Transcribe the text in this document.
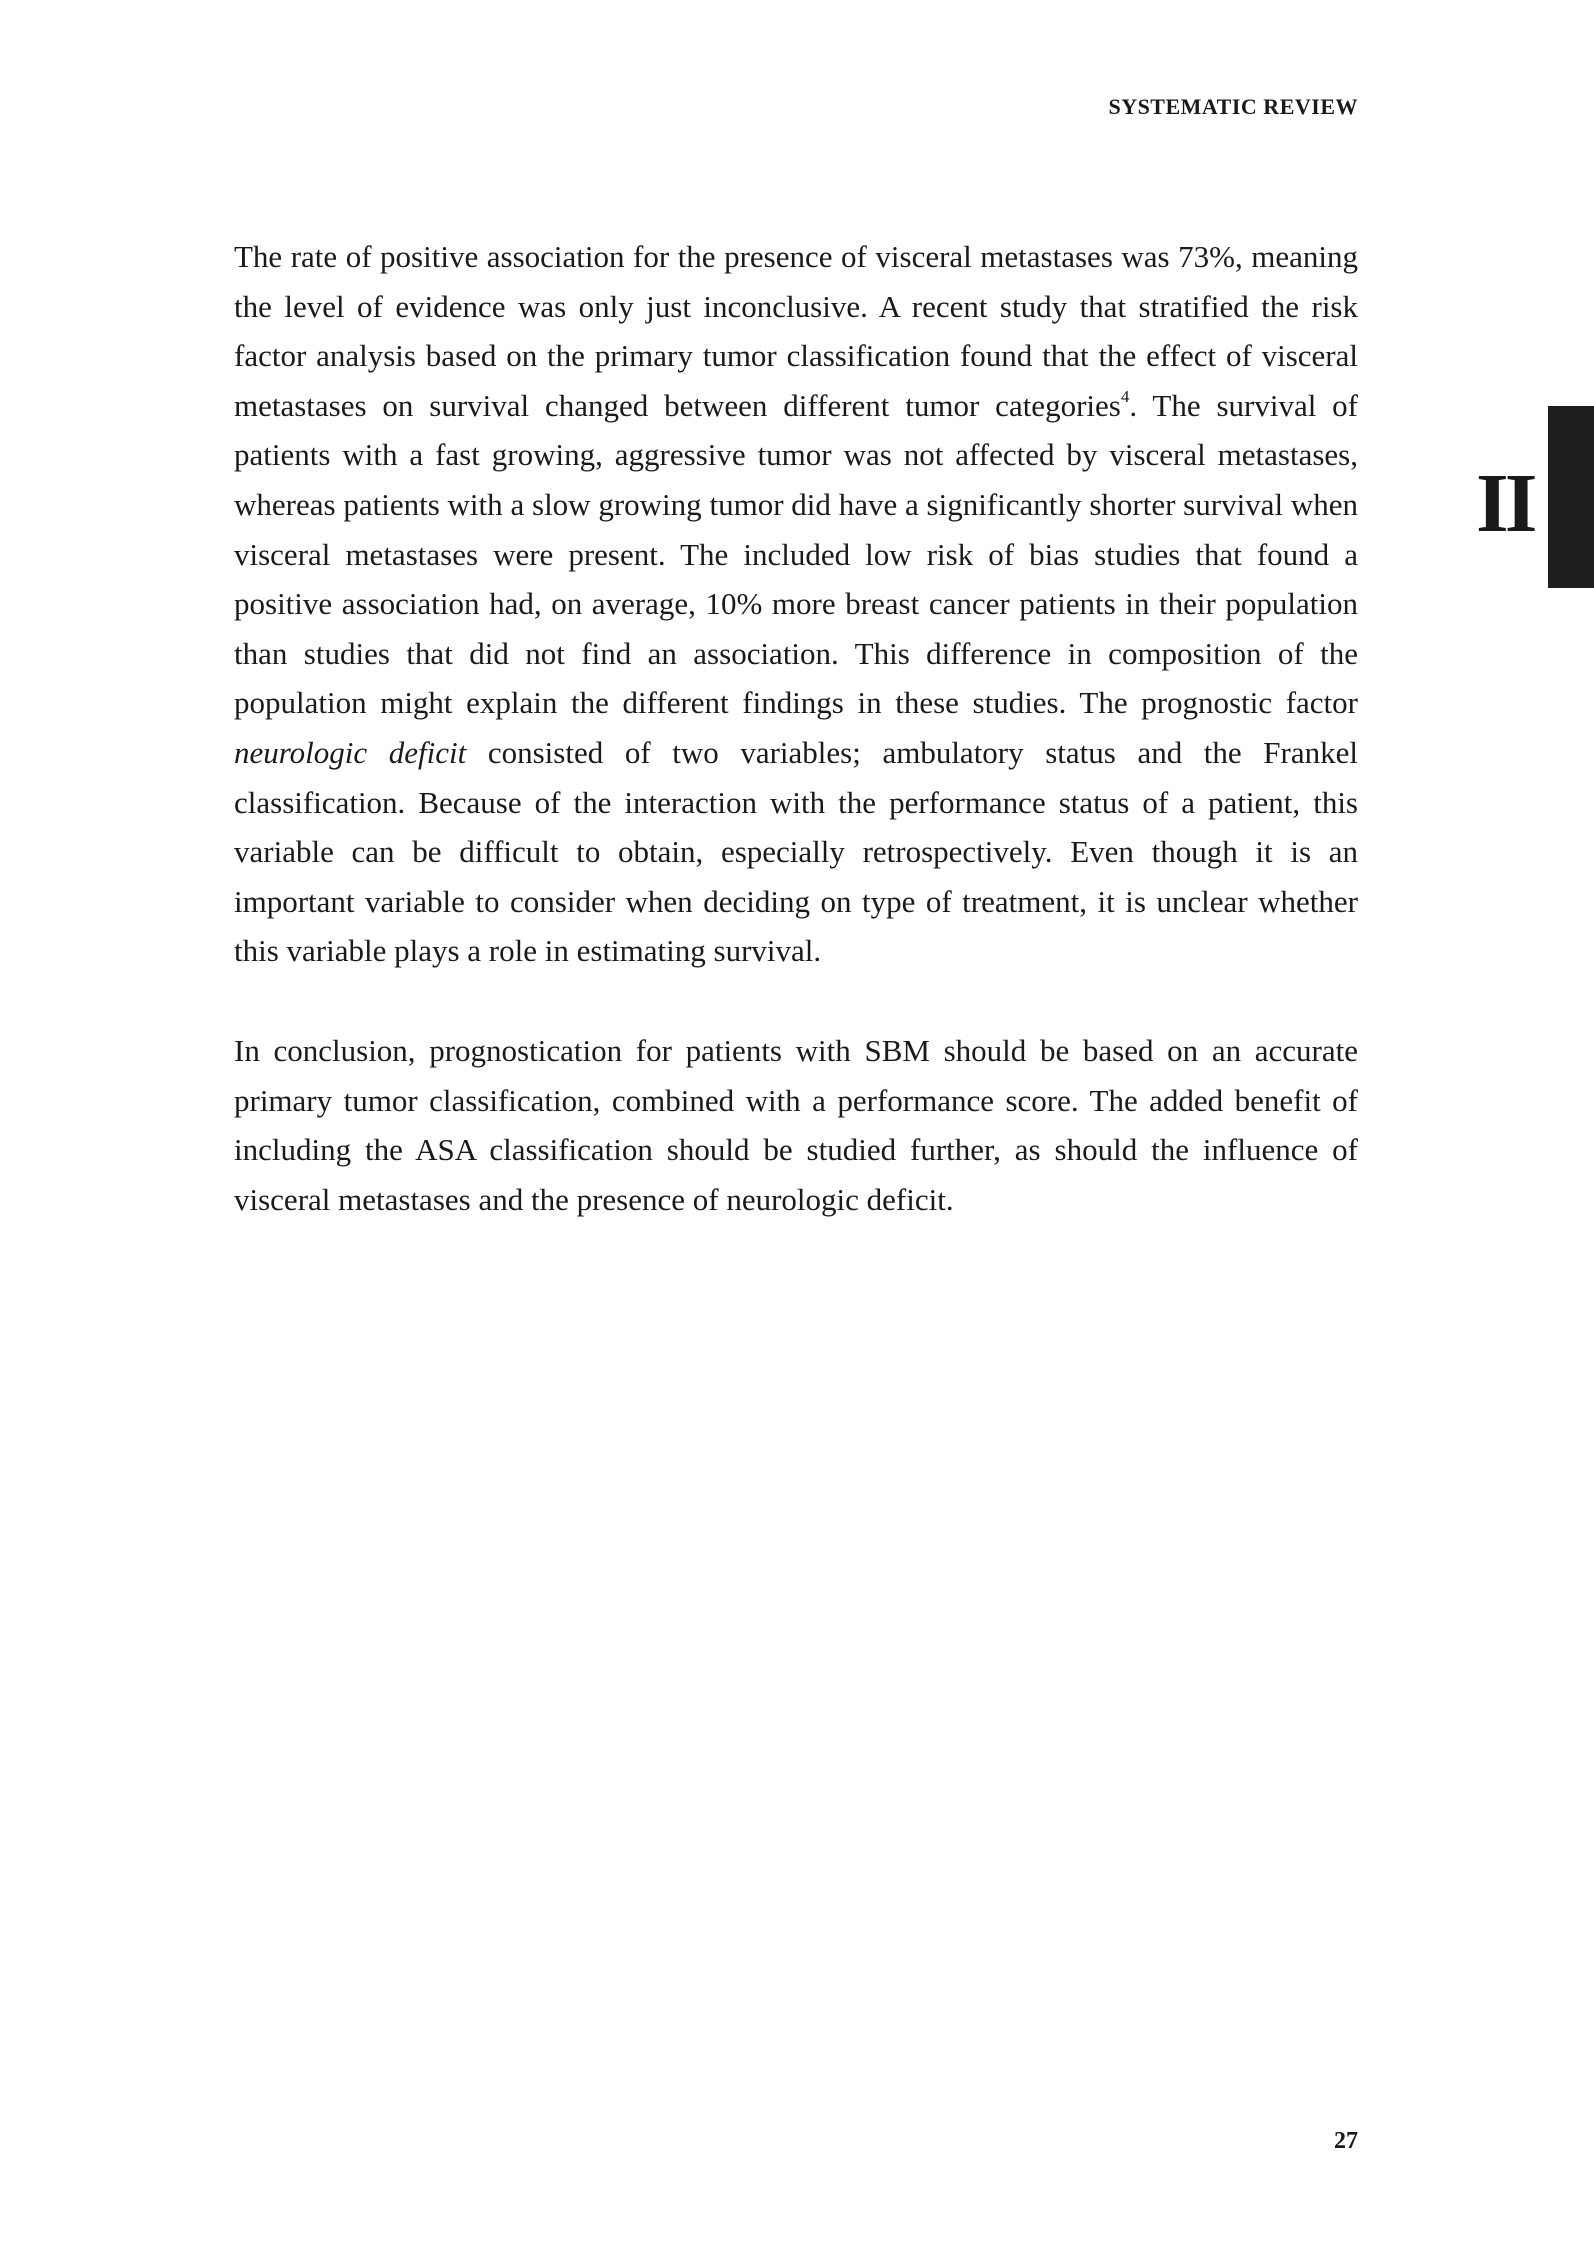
SYSTEMATIC REVIEW
II

The rate of positive association for the presence of visceral metastases was 73%, meaning the level of evidence was only just inconclusive. A recent study that stratified the risk factor analysis based on the primary tumor classification found that the effect of visceral metastases on survival changed between different tumor categories$^4$. The survival of patients with a fast growing, aggressive tumor was not affected by visceral metastases, whereas patients with a slow growing tumor did have a significantly shorter survival when visceral metastases were present. The included low risk of bias studies that found a positive association had, on average, 10% more breast cancer patients in their population than studies that did not find an association. This difference in composition of the population might explain the different findings in these studies. The prognostic factor neurologic deficit consisted of two variables; ambulatory status and the Frankel classification. Because of the interaction with the performance status of a patient, this variable can be difficult to obtain, especially retrospectively. Even though it is an important variable to consider when deciding on type of treatment, it is unclear whether this variable plays a role in estimating survival.

In conclusion, prognostication for patients with SBM should be based on an accurate primary tumor classification, combined with a performance score. The added benefit of including the ASA classification should be studied further, as should the influence of visceral metastases and the presence of neurologic deficit.

27
